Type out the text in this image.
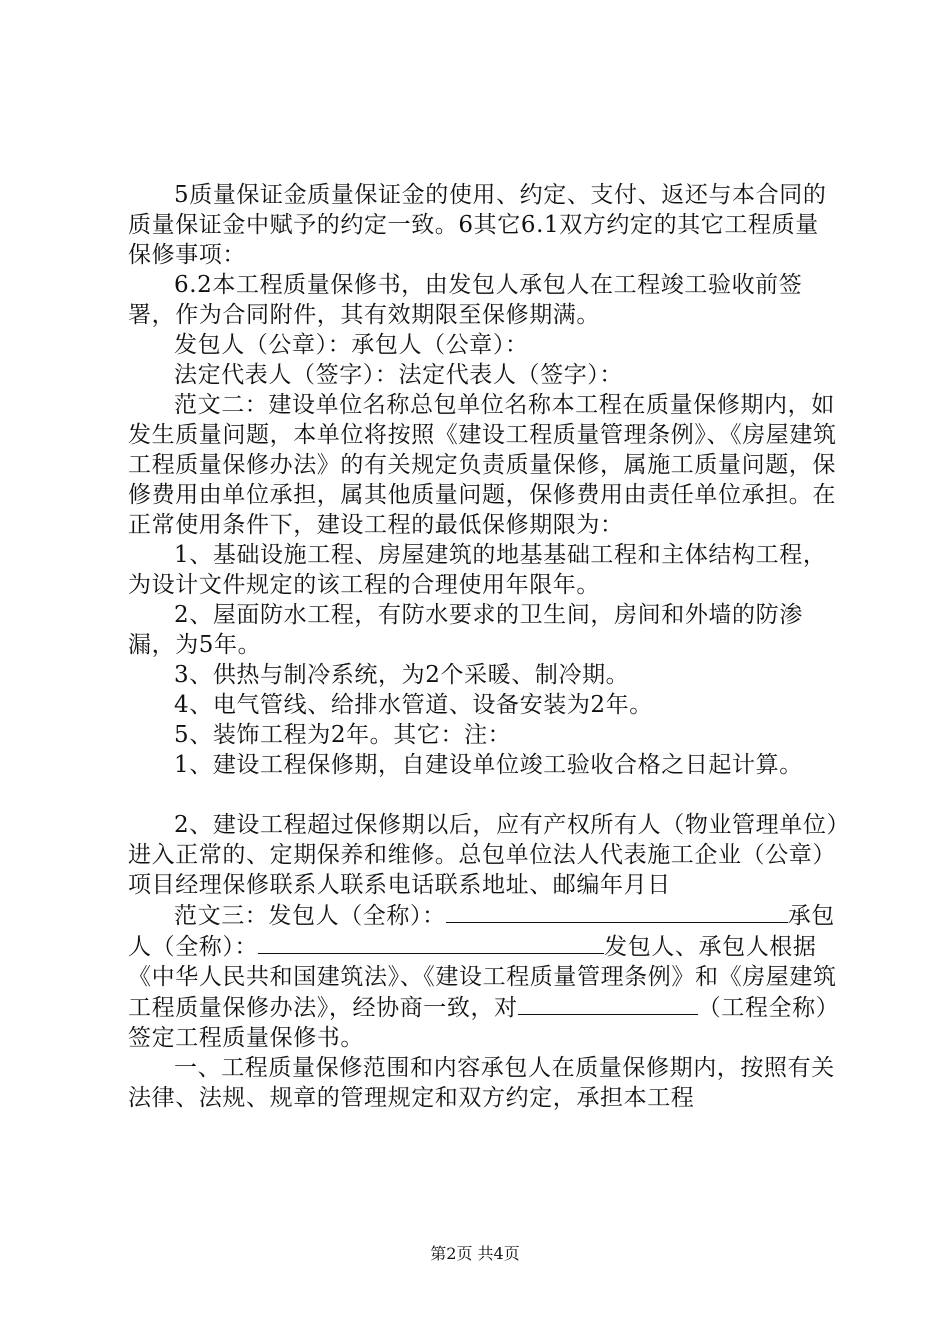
5质量保证金质量保证金的使用、约定、支付、返还与本合同的质量保证金中赋予的约定一致。6其它6.1双方约定的其它工程质量保修事项：

6.2本工程质量保修书，由发包人承包人在工程竣工验收前签署，作为合同附件，其有效期限至保修期满。

发包人（公章）：承包人（公章）：

法定代表人（签字）：法定代表人（签字）：

范文二：建设单位名称总包单位名称本工程在质量保修期内，如发生质量问题，本单位将按照《建设工程质量管理条例》、《房屋建筑工程质量保修办法》的有关规定负责质量保修，属施工质量问题，保修费用由单位承担，属其他质量问题，保修费用由责任单位承担。在正常使用条件下，建设工程的最低保修期限为：

1、基础设施工程、房屋建筑的地基基础工程和主体结构工程，为设计文件规定的该工程的合理使用年限年。

2、屋面防水工程，有防水要求的卫生间，房间和外墙的防渗漏，为5年。

3、供热与制冷系统，为2个采暖、制冷期。

4、电气管线、给排水管道、设备安装为2年。

5、装饰工程为2年。其它：注：

1、建设工程保修期，自建设单位竣工验收合格之日起计算。

2、建设工程超过保修期以后，应有产权所有人（物业管理单位）进入正常的、定期保养和维修。总包单位法人代表施工企业（公章）项目经理保修联系人联系电话联系地址、邮编年月日

范文三：发包人（全称）：	承包人（全称）：	发包人、承包人根据《中华人民共和国建筑法》、《建设工程质量管理条例》和《房屋建筑工程质量保修办法》，经协商一致，对	（工程全称）签定工程质量保修书。

一、工程质量保修范围和内容承包人在质量保修期内，按照有关法律、法规、规章的管理规定和双方约定，承担本工程

第2页 共4页
